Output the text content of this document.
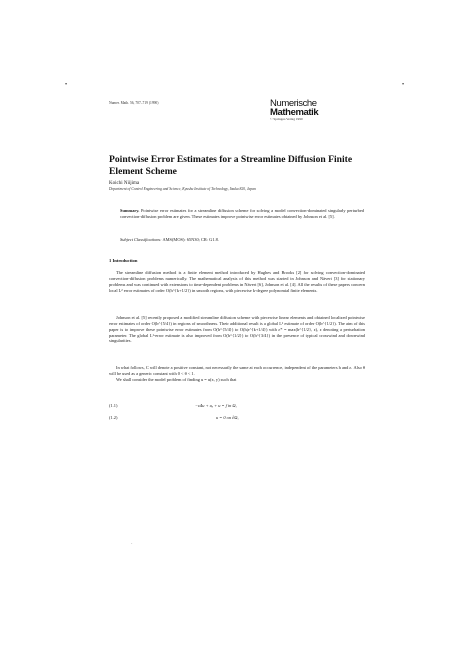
•	•
·
Numer. Math. 56, 707–719 (1990)	Numerische
Mathematik
© Springer-Verlag 1990
Pointwise Error Estimates for a Streamline Diffusion Finite Element Scheme
Koichi Niijima
Department of Control Engineering and Science, Kyushu Institute of Technology, Iizuka 820, Japan
Summary. Pointwise error estimates for a streamline diffusion scheme for solving a model convection-dominated singularly perturbed convection-diffusion problem are given. These estimates improve pointwise error estimates obtained by Johnson et al. [5].
Subject Classifications: AMS(MOS): 65N30; CR: G1.8.
1 Introduction
The streamline diffusion method is a finite element method introduced by Hughes and Brooks [2] for solving convection-dominated convection-diffusion problems numerically. The mathematical analysis of this method was started in Johnson and Nävert [3] for stationary problems and was continued with extensions to time-dependent problems in Nävert [6], Johnson et al. [4]. All the results of these papers concern local L² error estimates of order O(h^{k+1/2}) in smooth regions, with piecewise k-degree polynomial finite elements.
Johnson et al. [5] recently proposed a modified streamline diffusion scheme with piecewise linear elements and obtained localized pointwise error estimates of order O(h^{5/4}) in regions of smoothness. Their additional result is a global L¹ estimate of order O(h^{1/2}). The aim of this paper is to improve these pointwise error estimates from O(h^{5/4}) to O(h|ε^{k+1/4}) with ε* = max(h^{1/2}, ε), ε denoting a perturbation parameter. The global L¹-error estimate is also improved from O(h^{1/2}) to O(h^{3/4}) in the presence of typical crosswind and downwind singularities.
In what follows, C will denote a positive constant, not necessarily the same at each occurrence, independent of the parameters h and ε. Also θ will be used as a generic constant with 0 < θ < 1.
We shall consider the model problem of finding u = u(x, y) such that
(1.1)	−εΔu + uₓ + u = f in Ω,
(1.2)	u = 0 on ∂Ω,
